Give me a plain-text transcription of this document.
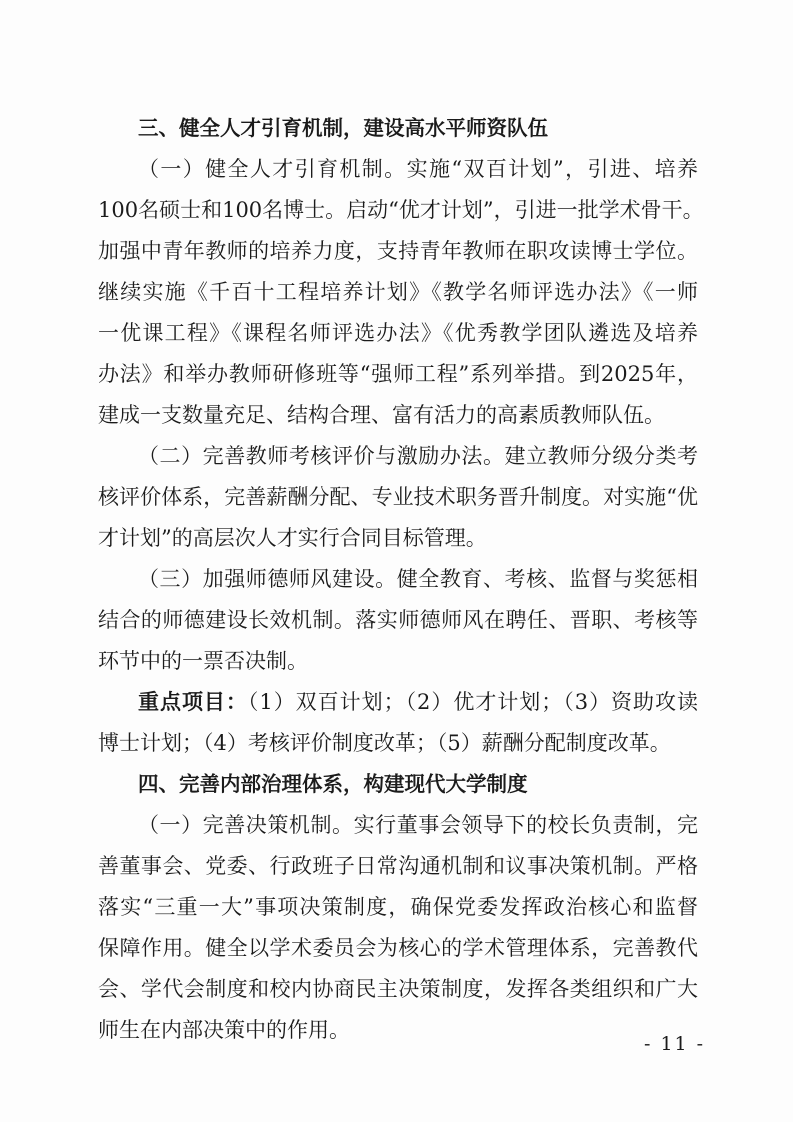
三、健全人才引育机制，建设高水平师资队伍
（一）健全人才引育机制。实施“双百计划”，引进、培养
100名硕士和100名博士。启动“优才计划”，引进一批学术骨干。
加强中青年教师的培养力度，支持青年教师在职攻读博士学位。
继续实施《千百十工程培养计划》《教学名师评选办法》《一师
一优课工程》《课程名师评选办法》《优秀教学团队遴选及培养
办法》和举办教师研修班等“强师工程”系列举措。到2025年，
建成一支数量充足、结构合理、富有活力的高素质教师队伍。
（二）完善教师考核评价与激励办法。建立教师分级分类考
核评价体系，完善薪酬分配、专业技术职务晋升制度。对实施“优
才计划”的高层次人才实行合同目标管理。
（三）加强师德师风建设。健全教育、考核、监督与奖惩相
结合的师德建设长效机制。落实师德师风在聘任、晋职、考核等
环节中的一票否决制。
重点项目：（1）双百计划；（2）优才计划；（3）资助攻读
博士计划；（4）考核评价制度改革；（5）薪酬分配制度改革。
四、完善内部治理体系，构建现代大学制度
（一）完善决策机制。实行董事会领导下的校长负责制，完
善董事会、党委、行政班子日常沟通机制和议事决策机制。严格
落实“三重一大”事项决策制度，确保党委发挥政治核心和监督
保障作用。健全以学术委员会为核心的学术管理体系，完善教代
会、学代会制度和校内协商民主决策制度，发挥各类组织和广大
师生在内部决策中的作用。
- 11 -
